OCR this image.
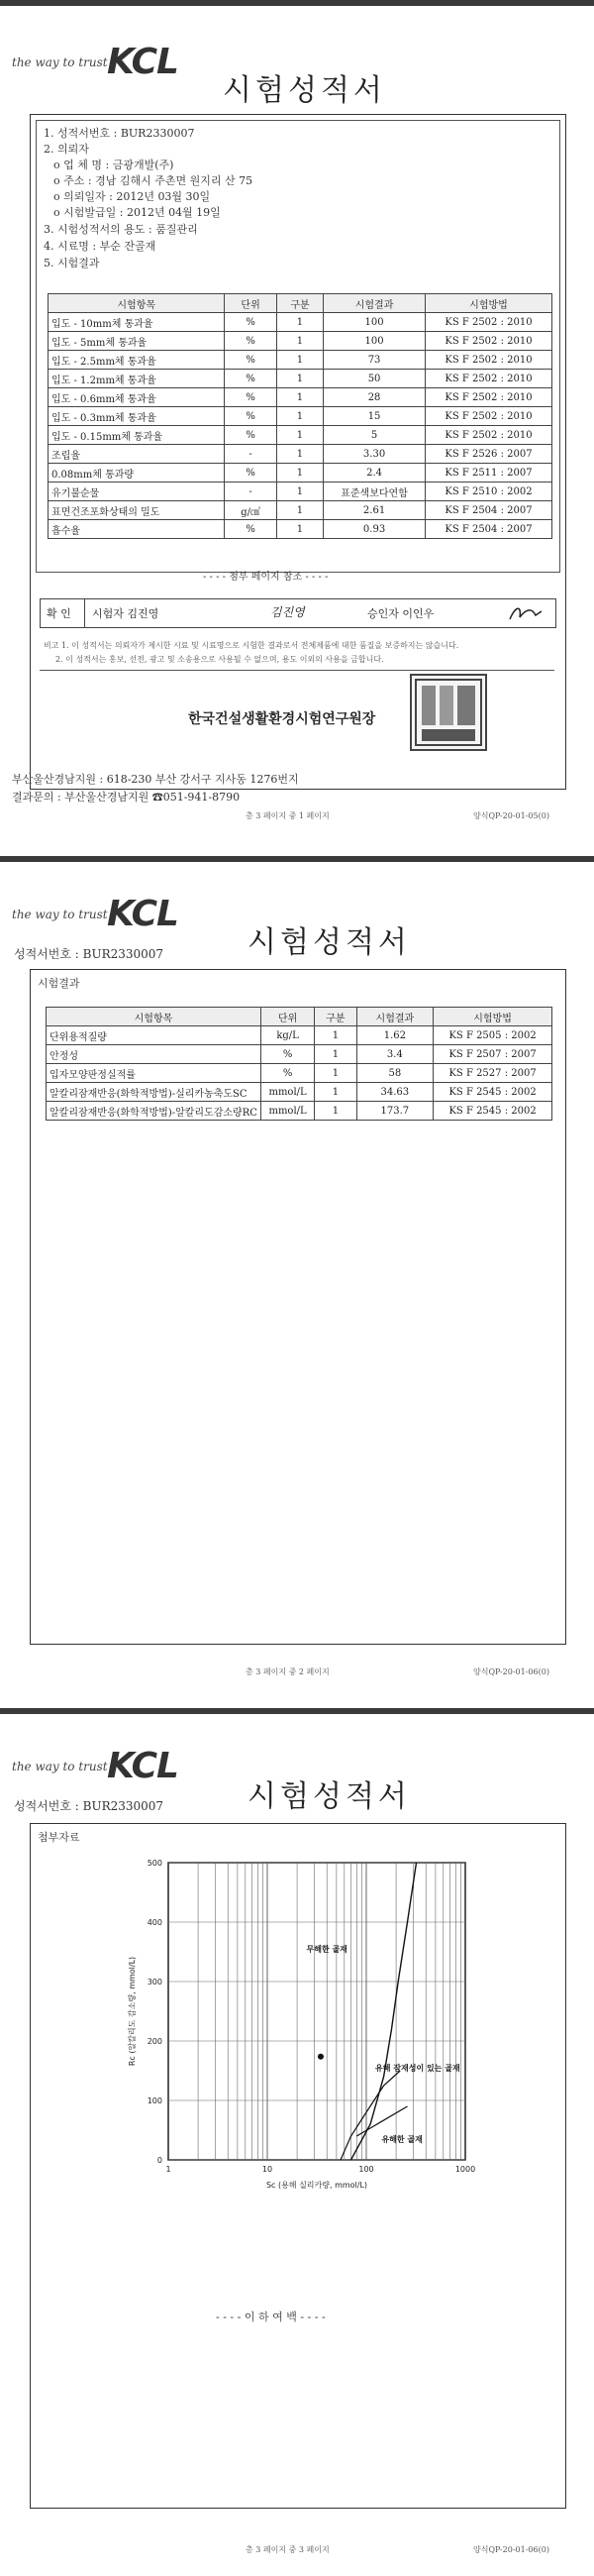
the way to trust KCL
시험성적서
1. 성적서번호 : BUR2330007
2. 의뢰자
o 업 체 명 : 금광개발(주)
o 주소 : 경남 김해시 주촌면 원지리 산 75
o 의뢰일자 : 2012년 03월 30일
o 시험발급일 : 2012년 04월 19일
3. 시험성적서의 용도 : 품질관리
4. 시료명 : 부순 잔골재
5. 시험결과
시험항목	단위	구분	시험결과	시험방법
입도 - 10mm체 통과율	%	1	100	KS F 2502 : 2010
입도 - 5mm체 통과율	%	1	100	KS F 2502 : 2010
입도 - 2.5mm체 통과율	%	1	73	KS F 2502 : 2010
입도 - 1.2mm체 통과율	%	1	50	KS F 2502 : 2010
입도 - 0.6mm체 통과율	%	1	28	KS F 2502 : 2010
입도 - 0.3mm체 통과율	%	1	15	KS F 2502 : 2010
입도 - 0.15mm체 통과율	%	1	5	KS F 2502 : 2010
조립율	-	1	3.30	KS F 2526 : 2007
0.08mm체 통과량	%	1	2.4	KS F 2511 : 2007
유기불순물	-	1	표준색보다연함	KS F 2510 : 2002
표면건조포화상태의 밀도	g/㎤	1	2.61	KS F 2504 : 2007
흡수율	%	1	0.93	KS F 2504 : 2007
- - - - 첨부 페이지 참조 - - - -
확 인 시험자 김진영	김진영	승인자 이인우
비고 1. 이 성적서는 의뢰자가 제시한 시료 및 시료명으로 시험한 결과로서 전체제품에 대한 품질을 보증하지는 않습니다.
2. 이 성적서는 홍보, 선전, 광고 및 소송용으로 사용될 수 없으며, 용도 이외의 사용을 금합니다.
한국건설생활환경시험연구원장
부산울산경남지원 : 618-230 부산 강서구 지사동 1276번지
결과문의 : 부산울산경남지원 ☎051-941-8790
총 3 페이지 중 1 페이지	양식QP-20-01-05(0)
the way to trust KCL
성적서번호 : BUR2330007	시험성적서
시험결과
시험항목	단위	구분	시험결과	시험방법
단위용적질량	kg/L	1	1.62	KS F 2505 : 2002
안정성	%	1	3.4	KS F 2507 : 2007
입자모양판정실적률	%	1	58	KS F 2527 : 2007
알칼리잠재반응(화학적방법)-실리카농축도SC	mmol/L	1	34.63	KS F 2545 : 2002
알칼리잠재반응(화학적방법)-알칼리도감소량RC	mmol/L	1	173.7	KS F 2545 : 2002
총 3 페이지 중 2 페이지	양식QP-20-01-06(0)
the way to trust KCL
성적서번호 : BUR2330007	시험성적서
첨부자료
0
100
200
300
400
500
1	10	100	1000
Sc (용해 실리카량, mmol/L)
Rc (알칼리도 감소량, mmol/L)
무해한 골재
유해 잠재성이 있는 골재
유해한 골재
- - - - 이 하 여 백 - - - -
총 3 페이지 중 3 페이지	양식QP-20-01-06(0)
